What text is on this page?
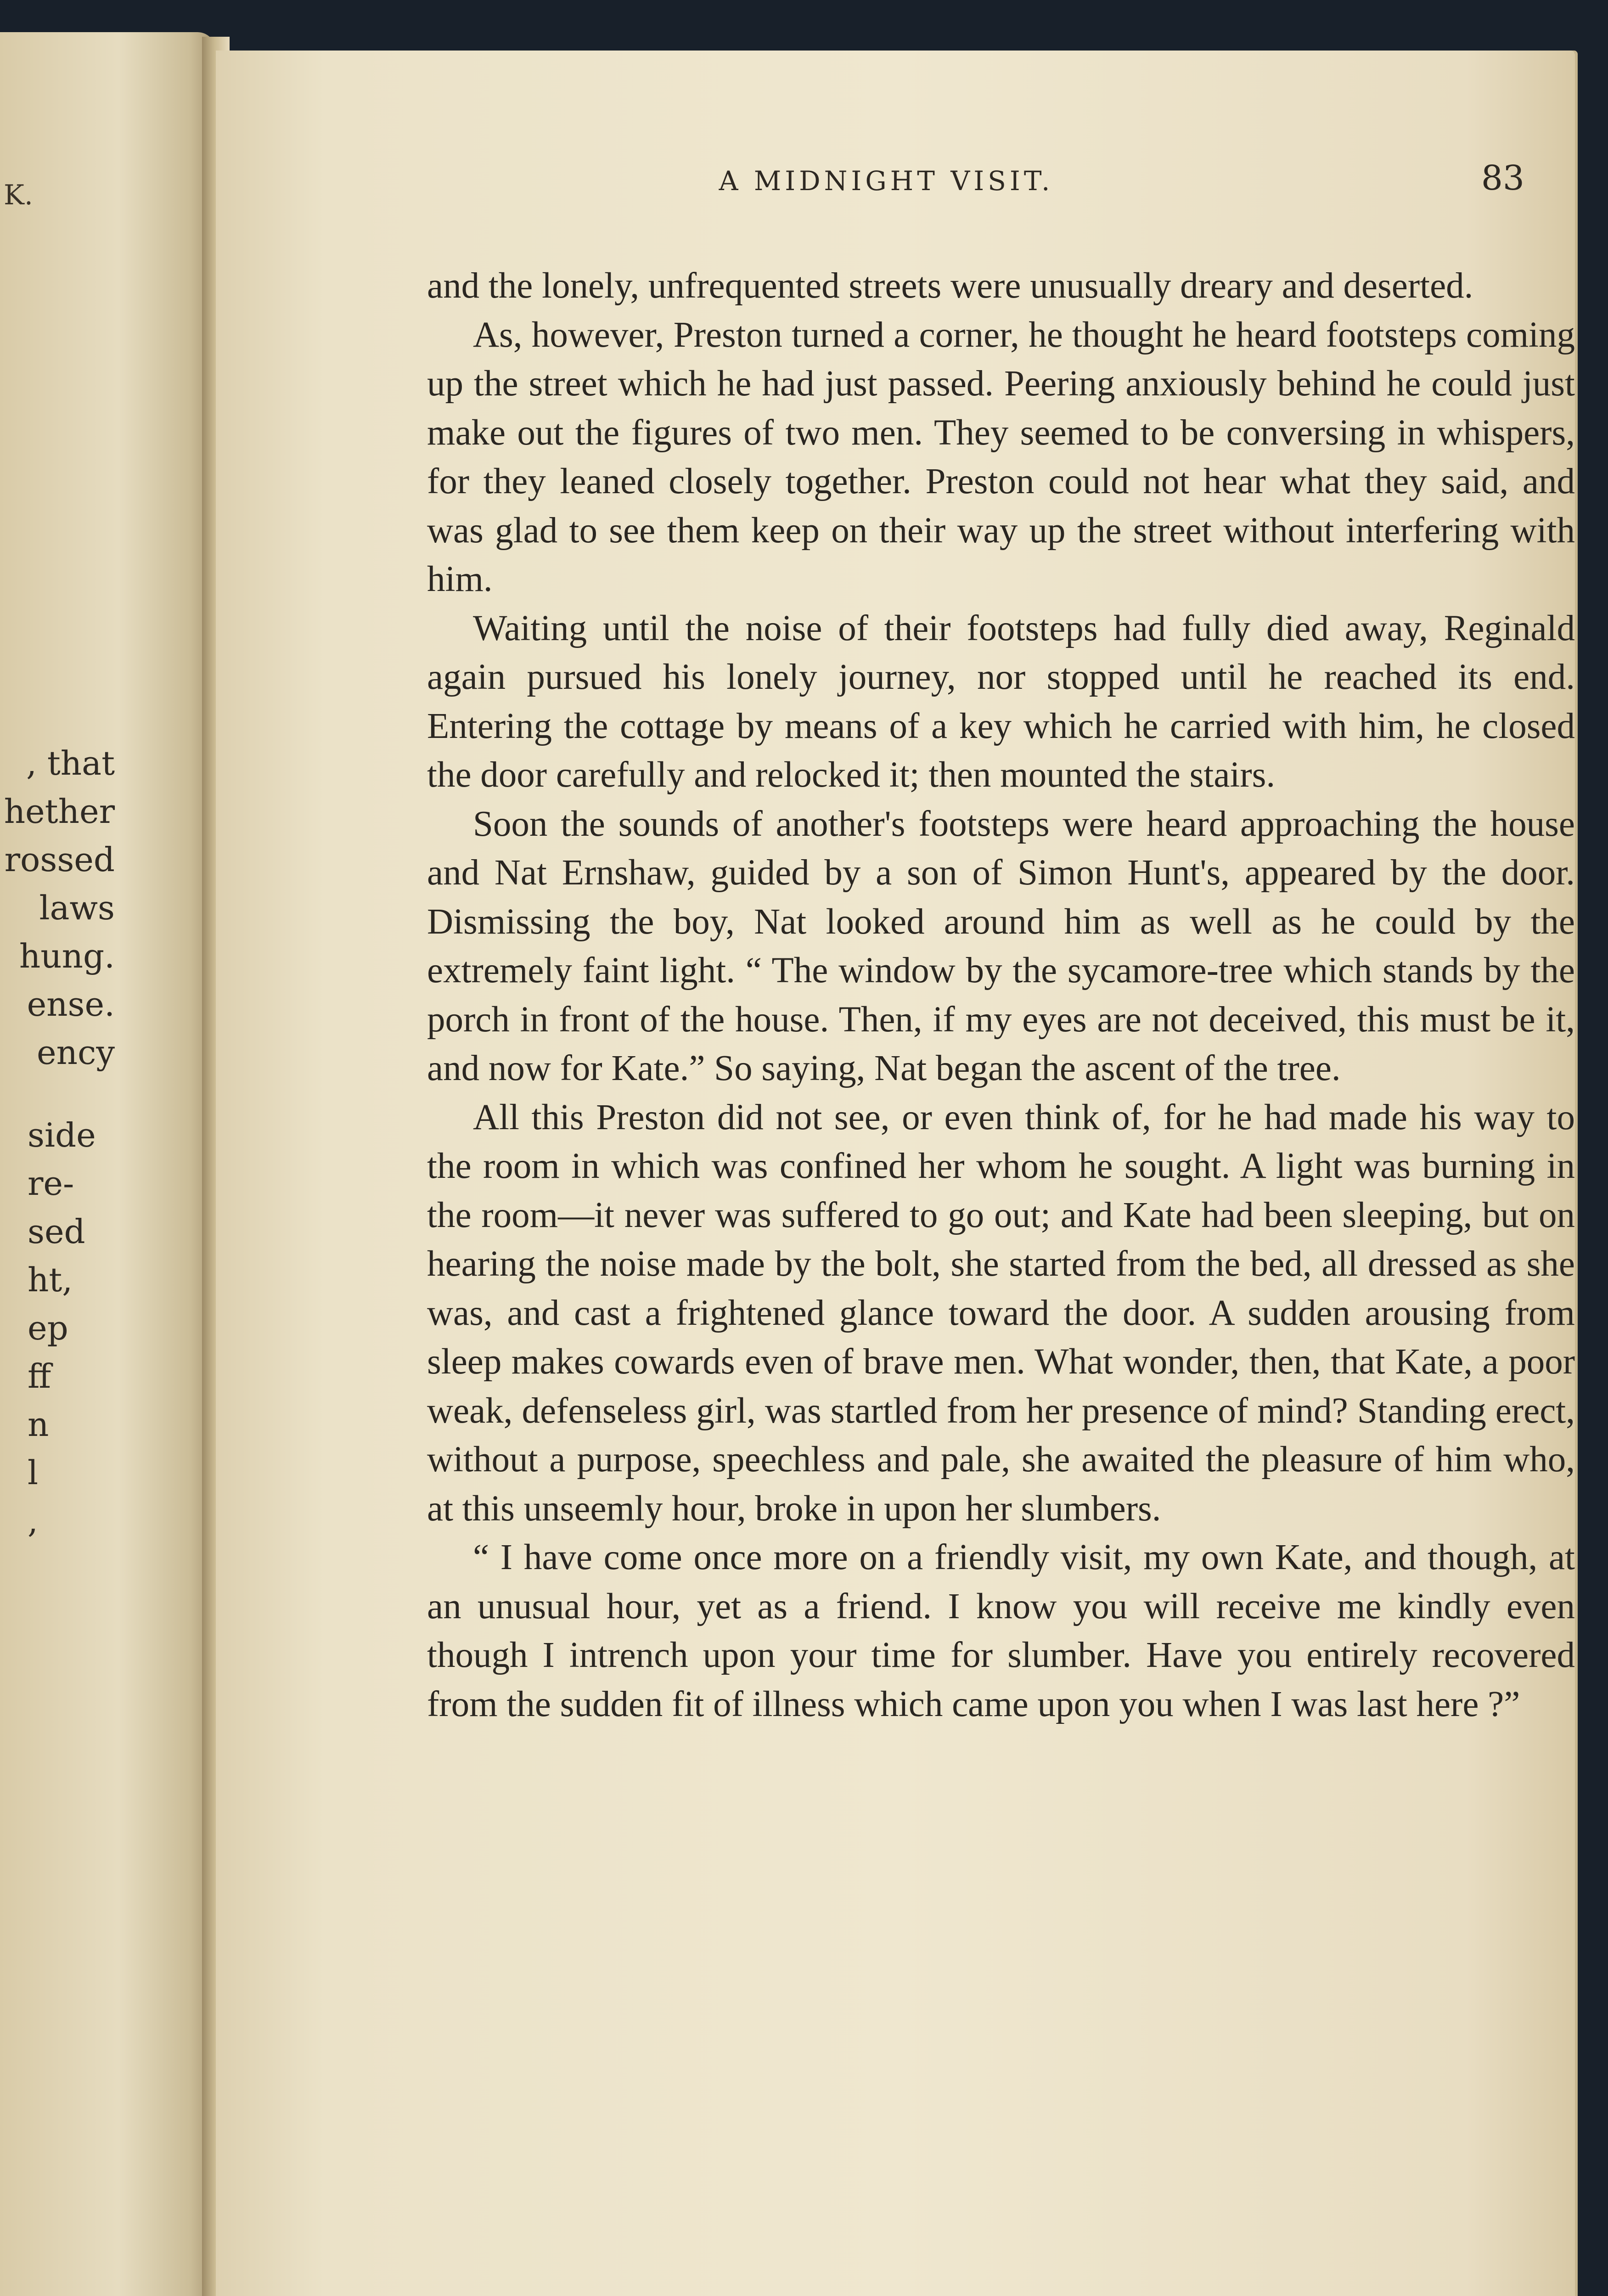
K.
, that
hether
rossed
laws
hung.
ense.
ency
side
re-
sed
ht,
ep
ff
n
l
,
A MIDNIGHT VISIT.	83

and the lonely, unfrequented streets were unusually dreary and deserted.

As, however, Preston turned a corner, he thought he heard footsteps coming up the street which he had just passed. Peering anxiously behind he could just make out the figures of two men. They seemed to be conversing in whispers, for they leaned closely together. Preston could not hear what they said, and was glad to see them keep on their way up the street without interfering with him.

Waiting until the noise of their footsteps had fully died away, Reginald again pursued his lonely journey, nor stopped until he reached its end. Entering the cottage by means of a key which he carried with him, he closed the door carefully and relocked it; then mounted the stairs.

Soon the sounds of another's footsteps were heard approaching the house and Nat Ernshaw, guided by a son of Simon Hunt's, appeared by the door. Dismissing the boy, Nat looked around him as well as he could by the extremely faint light. “ The window by the sycamore-tree which stands by the porch in front of the house. Then, if my eyes are not deceived, this must be it, and now for Kate.” So saying, Nat began the ascent of the tree.

All this Preston did not see, or even think of, for he had made his way to the room in which was confined her whom he sought. A light was burning in the room—it never was suffered to go out; and Kate had been sleeping, but on hearing the noise made by the bolt, she started from the bed, all dressed as she was, and cast a frightened glance toward the door. A sudden arousing from sleep makes cowards even of brave men. What wonder, then, that Kate, a poor weak, defenseless girl, was startled from her presence of mind? Standing erect, without a purpose, speechless and pale, she awaited the pleasure of him who, at this unseemly hour, broke in upon her slumbers.

“ I have come once more on a friendly visit, my own Kate, and though, at an unusual hour, yet as a friend. I know you will receive me kindly even though I intrench upon your time for slumber. Have you entirely recovered from the sudden fit of illness which came upon you when I was last here ?”
